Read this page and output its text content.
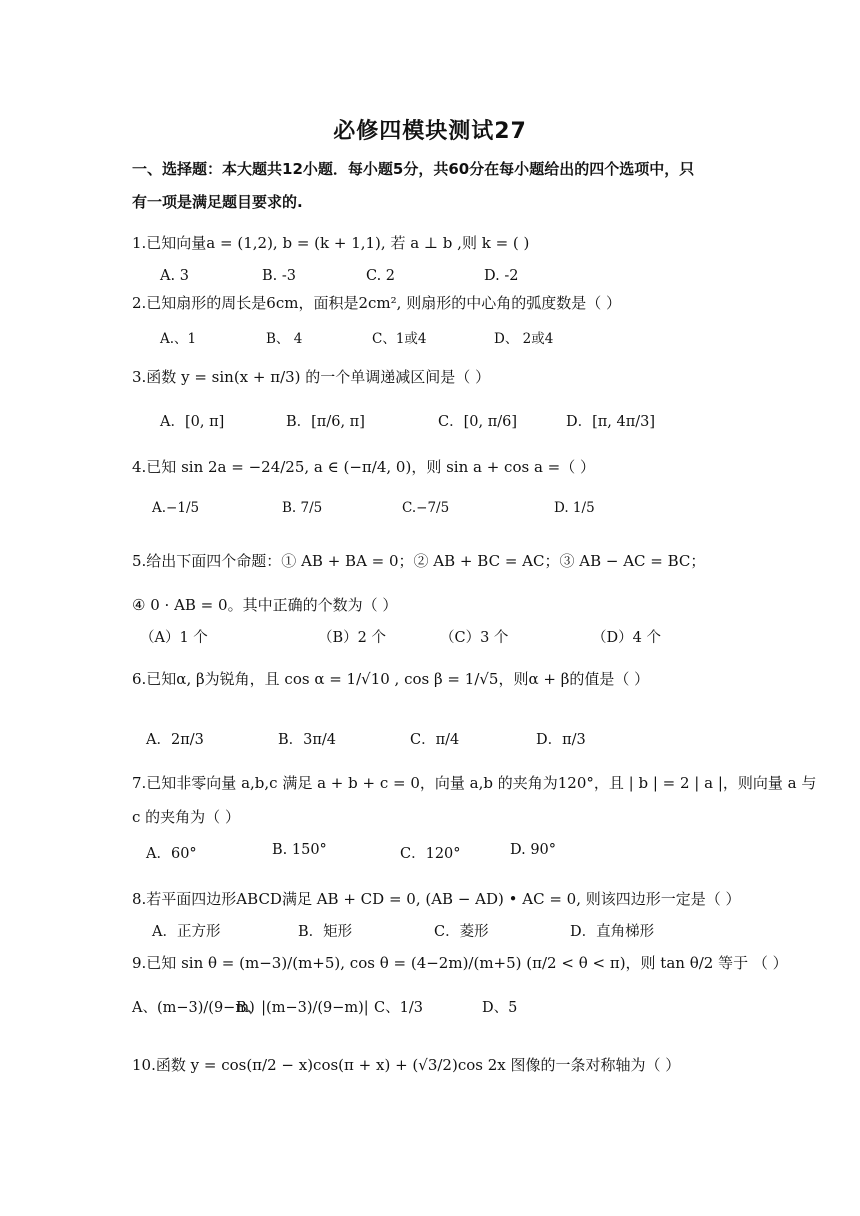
必修四模块测试27
一、选择题：本大题共12小题．每小题5分，共60分在每小题给出的四个选项中，只
有一项是满足题目要求的.
1.已知向量a = (1,2), b = (k + 1,1), 若 a ⊥ b ,则 k = ( )
A. 3	B. -3	C. 2	D. -2
2.已知扇形的周长是6cm，面积是2cm², 则扇形的中心角的弧度数是（ ）
A.、1	B、 4	C、1或4	D、 2或4
3.函数 y = sin(x + π/3) 的一个单调递减区间是（ ）
A．[0, π]	B．[π/6, π]	C．[0, π/6]	D．[π, 4π/3]
4.已知 sin 2a = −24/25, a ∈ (−π/4, 0)，则 sin a + cos a =（ ）
A.−1/5	B. 7/5	C.−7/5	D. 1/5
5.给出下面四个命题：① AB + BA = 0；② AB + BC = AC；③ AB − AC = BC；
④ 0 · AB = 0。其中正确的个数为（ ）
（A）1 个	（B）2 个	（C）3 个	（D）4 个
6.已知α, β为锐角，且 cos α = 1/√10 , cos β = 1/√5，则α + β的值是（ ）
A．2π/3	B．3π/4	C．π/4	D．π/3
7.已知非零向量 a,b,c 满足 a + b + c = 0，向量 a,b 的夹角为120°，且 | b | = 2 | a |，则向量 a 与
c 的夹角为（ ）
A．60°	B. 150°	C．120°	D. 90°
8.若平面四边形ABCD满足 AB + CD = 0, (AB − AD) • AC = 0, 则该四边形一定是（ ）
A．正方形	B．矩形	C．菱形	D．直角梯形
9.已知 sin θ = (m−3)/(m+5), cos θ = (4−2m)/(m+5) (π/2 < θ < π)，则 tan θ/2 等于 （ ）
A、(m−3)/(9−m)
B、|(m−3)/(9−m)| C、1/3	D、5
10.函数 y = cos(π/2 − x)cos(π + x) + (√3/2)cos 2x 图像的一条对称轴为（ ）
